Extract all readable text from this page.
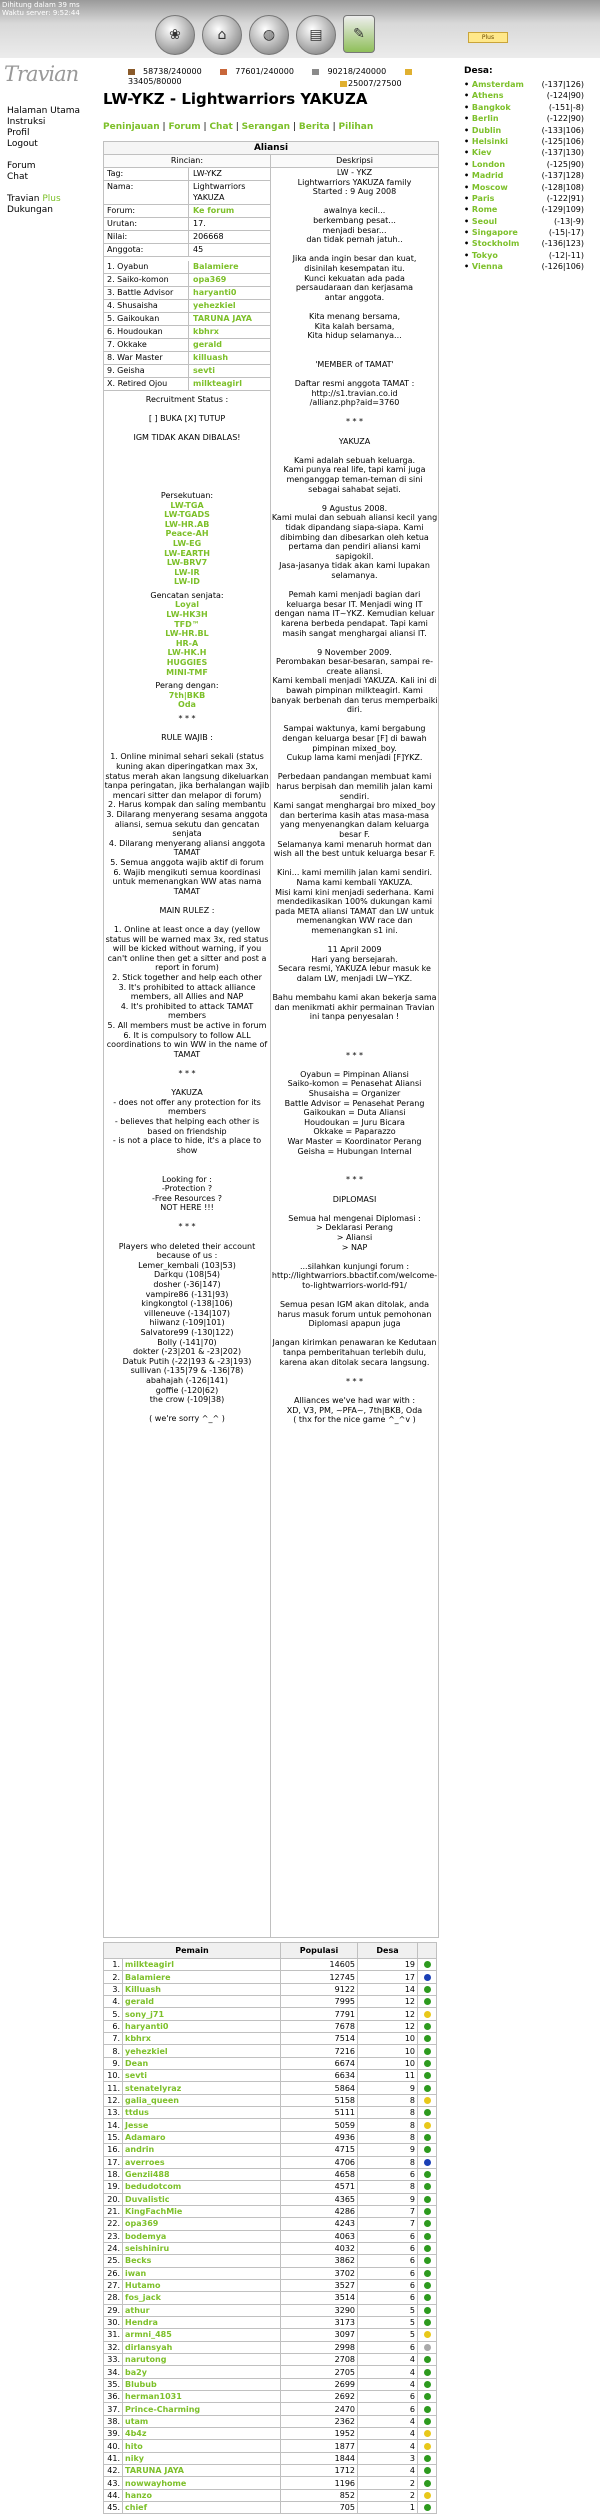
Dihitung dalam 39 ms
Waktu server: 9:52:44
❀	⌂	◍	▤	✎	Plus
Travian
Halaman Utama
Instruksi
Profil
Logout
Forum
Chat
Travian Plus
Dukungan
58738/240000	77601/240000	90218/240000 33405/80000	25007/27500
LW-YKZ - Lightwarriors YAKUZA
Peninjauan | Forum | Chat | Serangan | Berita | Pilihan
Aliansi
Rincian:	Deskripsi
Tag:	LW-YKZ
Nama:	Lightwarriors YAKUZA
Forum:	Ke forum
Urutan:	17.
Nilai:	206668
Anggota:	45
1. Oyabun	Balamiere
2. Saiko-komon	opa369
3. Battle Advisor	haryanti0
4. Shusaisha	yehezkiel
5. Gaikoukan	TARUNA JAYA
6. Houdoukan	kbhrx
7. Okkake	gerald
8. War Master	killuash
9. Geisha	sevti
X. Retired Ojou	milkteagirl
Recruitment Status :

[ ] BUKA [X] TUTUP

IGM TIDAK AKAN DIBALAS!

Persekutuan:
LW-TGA
LW-TGADS
LW-HR.AB
Peace-AH
LW-EG
LW-EARTH
LW-BRV7
LW-IR
LW-ID
Gencatan senjata:
Loyal
LW-HK3H
TFD™
LW-HR.BL
HR-A
LW-HK.H
HUGGIES
MINI-TMF
Perang dengan:
7th|BKB
Oda
* * *

RULE WAJIB :

1. Online minimal sehari sekali (status kuning akan diperingatkan max 3x, status merah akan langsung dikeluarkan tanpa peringatan, jika berhalangan wajib mencari sitter dan melapor di forum)
2. Harus kompak dan saling membantu
3. Dilarang menyerang sesama anggota aliansi, semua sekutu dan gencatan senjata
4. Dilarang menyerang aliansi anggota TAMAT
5. Semua anggota wajib aktif di forum
6. Wajib mengikuti semua koordinasi untuk memenangkan WW atas nama TAMAT

MAIN RULEZ :

1. Online at least once a day (yellow status will be warned max 3x, red status will be kicked without warning, if you can't online then get a sitter and post a report in forum)
2. Stick together and help each other
3. It's prohibited to attack alliance members, all Allies and NAP
4. It's prohibited to attack TAMAT members
5. All members must be active in forum
6. It is compulsory to follow ALL coordinations to win WW in the name of TAMAT

* * *

YAKUZA
- does not offer any protection for its members
- believes that helping each other is based on friendship
- is not a place to hide, it's a place to show

Looking for :
-Protection ?
-Free Resources ?
NOT HERE !!!

* * *

Players who deleted their account because of us :
Lemer_kembali (103|53)
Darkqu (108|54)
dosher (-36|147)
vampire86 (-131|93)
kingkongtol (-138|106)
villeneuve (-134|107)
hiiwanz (-109|101)
Salvatore99 (-130|122)
Bolly (-141|70)
dokter (-23|201 & -23|202)
Datuk Putih (-22|193 & -23|193)
sullivan (-135|79 & -136|78)
abahajah (-126|141)
goffie (-120|62)
the crow (-109|38)

( we're sorry ^_^ )
LW - YKZ
Lightwarriors YAKUZA family
Started : 9 Aug 2008

awalnya kecil...
berkembang pesat...
menjadi besar...
dan tidak pernah jatuh..

Jika anda ingin besar dan kuat,
disinilah kesempatan itu.
Kunci kekuatan ada pada
persaudaraan dan kerjasama
antar anggota.

Kita menang bersama,
Kita kalah bersama,
Kita hidup selamanya...

'MEMBER of TAMAT'

Daftar resmi anggota TAMAT :
http://s1.travian.co.id
/allianz.php?aid=3760

* * *

YAKUZA

Kami adalah sebuah keluarga.
Kami punya real life, tapi kami juga menganggap teman-teman di sini sebagai sahabat sejati.

9 Agustus 2008.
Kami mulai dan sebuah aliansi kecil yang tidak dipandang siapa-siapa. Kami dibimbing dan dibesarkan oleh ketua pertama dan pendiri aliansi kami sapigokil.
Jasa-jasanya tidak akan kami lupakan selamanya.

Pemah kami menjadi bagian dari keluarga besar IT. Menjadi wing IT dengan nama IT~YKZ. Kemudian keluar karena berbeda pendapat. Tapi kami masih sangat menghargai aliansi IT.

9 November 2009.
Perombakan besar-besaran, sampai re-create aliansi.
Kami kembali menjadi YAKUZA. Kali ini di bawah pimpinan milkteagirl. Kami banyak berbenah dan terus memperbaiki diri.

Sampai waktunya, kami bergabung dengan keluarga besar [F] di bawah pimpinan mixed_boy.
Cukup lama kami menjadi [F]YKZ.

Perbedaan pandangan membuat kami harus berpisah dan memilih jalan kami sendiri.
Kami sangat menghargai bro mixed_boy dan berterima kasih atas masa-masa yang menyenangkan dalam keluarga besar F.
Selamanya kami menaruh hormat dan wish all the best untuk keluarga besar F.

Kini... kami memilih jalan kami sendiri.
Nama kami kembali YAKUZA.
Misi kami kini menjadi sederhana. Kami mendedikasikan 100% dukungan kami pada META aliansi TAMAT dan LW untuk memenangkan WW race dan memenangkan s1 ini.

11 April 2009
Hari yang bersejarah.
Secara resmi, YAKUZA lebur masuk ke dalam LW, menjadi LW~YKZ.

Bahu membahu kami akan bekerja sama dan menikmati akhir permainan Travian ini tanpa penyesalan !

* * *

Oyabun = Pimpinan Aliansi
Saiko-komon = Penasehat Aliansi
Shusaisha = Organizer
Battle Advisor = Penasehat Perang
Gaikoukan = Duta Aliansi
Houdoukan = Juru Bicara
Okkake = Paparazzo
War Master = Koordinator Perang
Geisha = Hubungan Internal

* * *

DIPLOMASI

Semua hal mengenai Diplomasi :
> Deklarasi Perang
> Aliansi
> NAP

...silahkan kunjungi forum :
http://lightwarriors.bbactif.com/welcome-to-lightwarriors-world-f91/

Semua pesan IGM akan ditolak, anda harus masuk forum untuk pemohonan Diplomasi apapun juga

Jangan kirimkan penawaran ke Kedutaan tanpa pemberitahuan terlebih dulu, karena akan ditolak secara langsung.

* * *

Alliances we've had war with :
XD, V3, PM, ~PFA~, 7th|BKB, Oda
( thx for the nice game ^_^v )
Pemain		Populasi	Desa	
1.	milkteagirl	14605	19	
2.	Balamiere	12745	17	
3.	Killuash	9122	14	
4.	gerald	7995	12	
5.	sony_j71	7791	12	
6.	haryanti0	7678	12	
7.	kbhrx	7514	10	
8.	yehezkiel	7216	10	
9.	Dean	6674	10	
10.	sevti	6634	11	
11.	stenatelyraz	5864	9	
12.	galia_queen	5158	8	
13.	ttdus	5111	8	
14.	Jesse	5059	8	
15.	Adamaro	4936	8	
16.	andrin	4715	9	
17.	averroes	4706	8	
18.	Genzii488	4658	6	
19.	bedudotcom	4571	8	
20.	Duvalistic	4365	9	
21.	KingFachMie	4286	7	
22.	opa369	4243	7	
23.	bodemya	4063	6	
24.	seishiniru	4032	6	
25.	Becks	3862	6	
26.	iwan	3702	6	
27.	Hutamo	3527	6	
28.	fos_jack	3514	6	
29.	athur	3290	5	
30.	Hendra	3173	5	
31.	armni_485	3097	5	
32.	dirlansyah	2998	6	
33.	narutong	2708	4	
34.	ba2y	2705	4	
35.	Blubub	2699	4	
36.	herman1031	2692	6	
37.	Prince-Charming	2470	6	
38.	utam	2362	4	
39.	4b4z	1952	4	
40.	hito	1877	4	
41.	niky	1844	3	
42.	TARUNA JAYA	1712	4	
43.	nowwayhome	1196	2	
44.	hanzo	852	2	
45.	chief	705	1	
Desa:
• Amsterdam (-137|126)
• Athens	(-124|90)
• Bangkok	(-151|-8)
• Berlin	(-122|90)
• Dublin	(-133|106)
• Helsinki	(-125|106)
• Kiev	(-137|130)
• London	(-125|90)
• Madrid	(-137|128)
• Moscow	(-128|108)
• Paris	(-122|91)
• Rome	(-129|109)
• Seoul	(-13|-9)
• Singapore	(-15|-17)
• Stockholm	(-136|123)
• Tokyo	(-12|-11)
• Vienna	(-126|106)
